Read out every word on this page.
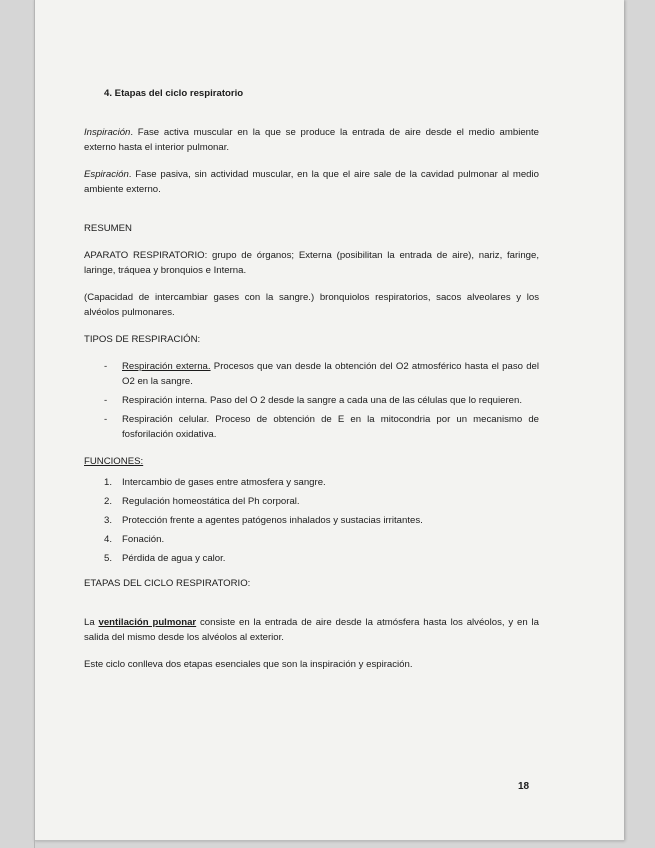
4. Etapas del ciclo respiratorio

Inspiración. Fase activa muscular en la que se produce la entrada de aire desde el medio ambiente externo hasta el interior pulmonar.

Espiración. Fase pasiva, sin actividad muscular, en la que el aire sale de la cavidad pulmonar al medio ambiente externo.

RESUMEN

APARATO RESPIRATORIO: grupo de órganos; Externa (posibilitan la entrada de aire), nariz, faringe, laringe, tráquea y bronquios e Interna.

(Capacidad de intercambiar gases con la sangre.) bronquiolos respiratorios, sacos alveolares y los alvéolos pulmonares.

TIPOS DE RESPIRACIÓN:

- Respiración externa. Procesos que van desde la obtención del O2 atmosférico hasta el paso del O2 en la sangre.
- Respiración interna. Paso del O 2 desde la sangre a cada una de las células que lo requieren.
- Respiración celular. Proceso de obtención de E en la mitocondria por un mecanismo de fosforilación oxidativa.

FUNCIONES:

1. Intercambio de gases entre atmosfera y sangre.
2. Regulación homeostática del Ph corporal.
3. Protección frente a agentes patógenos inhalados y sustacias irritantes.
4. Fonación.
5. Pérdida de agua y calor.

ETAPAS DEL CICLO RESPIRATORIO:

La ventilación pulmonar consiste en la entrada de aire desde la atmósfera hasta los alvéolos, y en la salida del mismo desde los alvéolos al exterior.

Este ciclo conlleva dos etapas esenciales que son la inspiración y espiración.

18
